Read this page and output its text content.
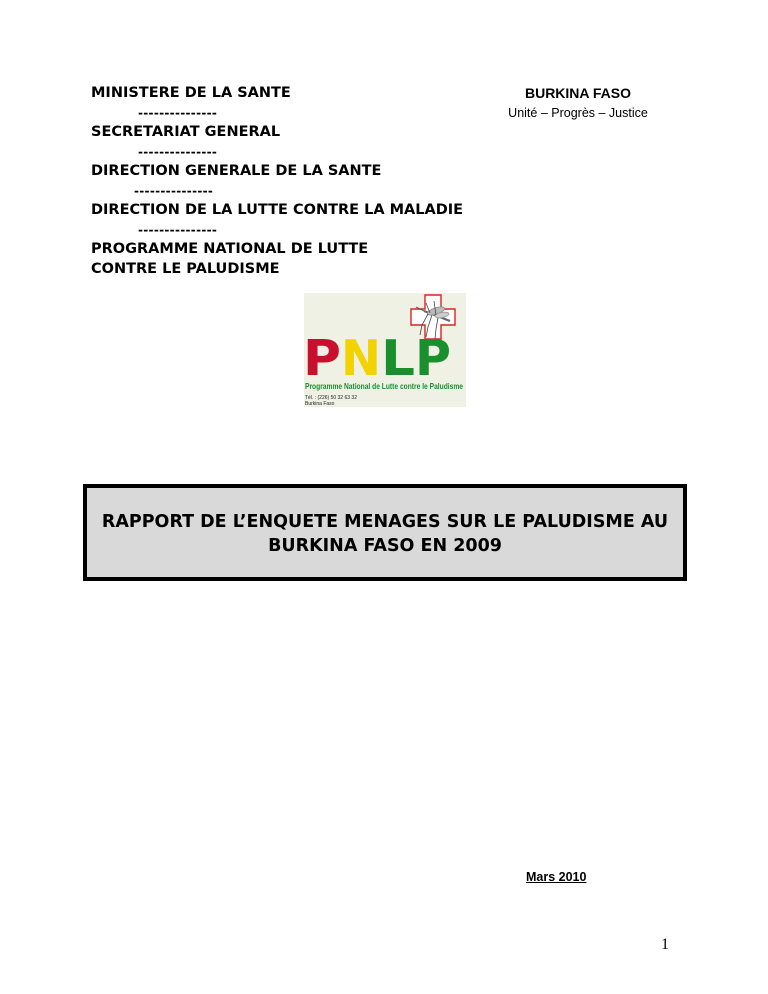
MINISTERE DE LA SANTE
---------------
SECRETARIAT GENERAL
---------------
DIRECTION GENERALE DE LA SANTE
---------------
DIRECTION DE LA LUTTE CONTRE LA MALADIE
---------------
PROGRAMME NATIONAL DE LUTTE
CONTRE LE PALUDISME
BURKINA FASO
Unité – Progrès – Justice
P N L P
Programme National de Lutte contre le Paludisme
Tél. : (226) 50 32 63 32
Burkina Faso
RAPPORT DE L’ENQUETE MENAGES SUR LE PALUDISME AU
BURKINA FASO EN 2009
Mars 2010
1
